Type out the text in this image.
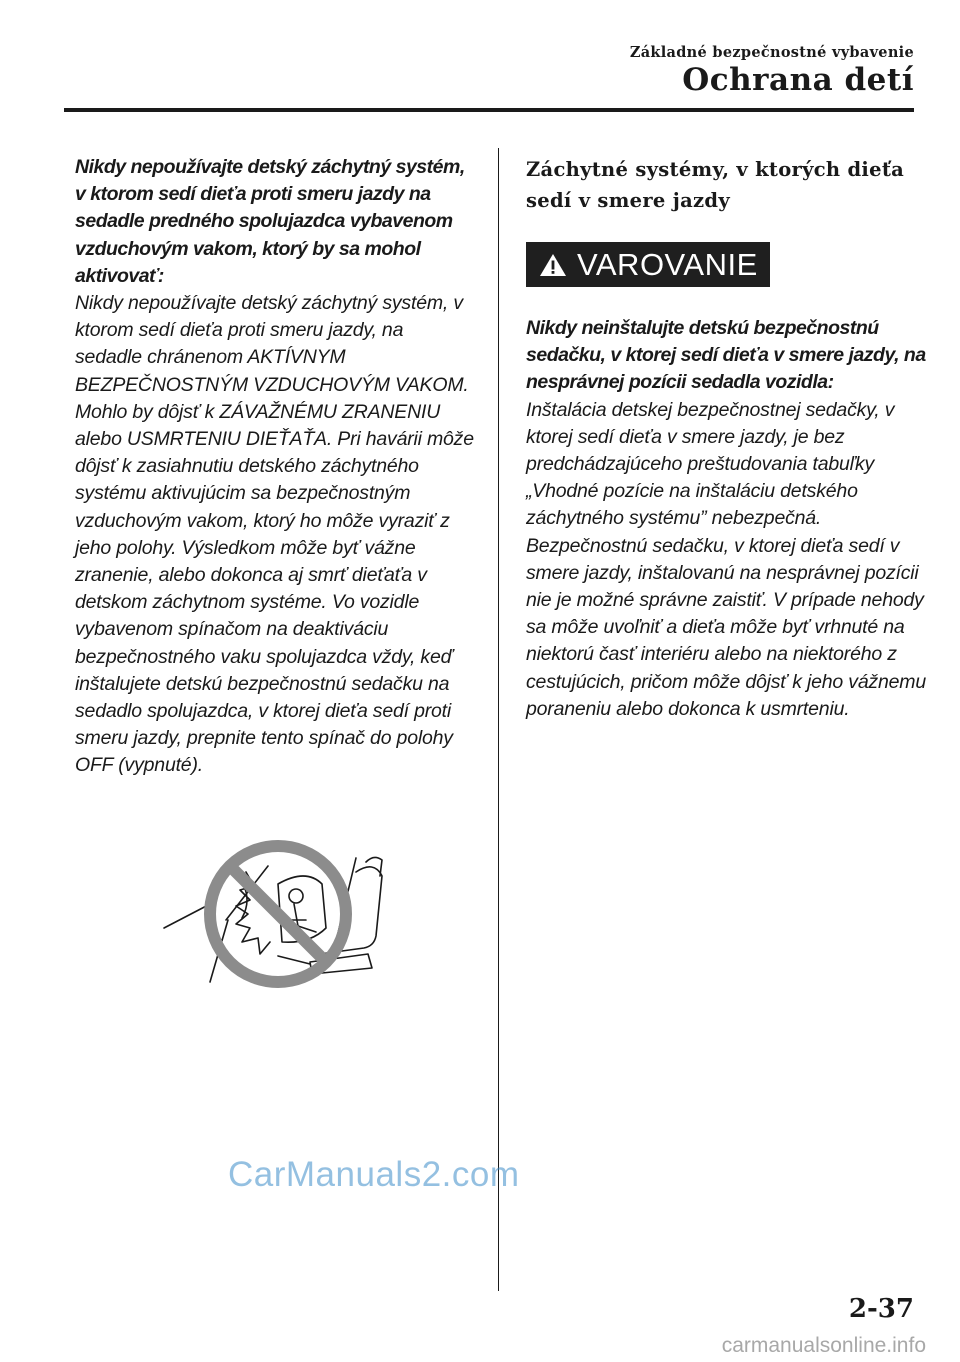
Základné bezpečnostné vybavenie
Ochrana detí
Nikdy nepoužívajte detský záchytný systém, v ktorom sedí dieťa proti smeru jazdy na sedadle predného spolujazdca vybavenom vzduchovým vakom, ktorý by sa mohol aktivovať:
Nikdy nepoužívajte detský záchytný systém, v ktorom sedí dieťa proti smeru jazdy, na sedadle chránenom AKTÍVNYM BEZPEČNOSTNÝM VZDUCHOVÝM VAKOM. Mohlo by dôjsť k ZÁVAŽNÉMU ZRANENIU alebo USMRTENIU DIEŤAŤA. Pri havárii môže dôjsť k zasiahnutiu detského záchytného systému aktivujúcim sa bezpečnostným vzduchovým vakom, ktorý ho môže vyraziť z jeho polohy. Výsledkom môže byť vážne zranenie, alebo dokonca aj smrť dieťaťa v detskom záchytnom systéme. Vo vozidle vybavenom spínačom na deaktiváciu bezpečnostného vaku spolujazdca vždy, keď inštalujete detskú bezpečnostnú sedačku na sedadlo spolujazdca, v ktorej dieťa sedí proti smeru jazdy, prepnite tento spínač do polohy OFF (vypnuté).
Záchytné systémy, v ktorých dieťa sedí v smere jazdy
VAROVANIE
Nikdy neinštalujte detskú bezpečnostnú sedačku, v ktorej sedí dieťa v smere jazdy, na nesprávnej pozícii sedadla vozidla:
Inštalácia detskej bezpečnostnej sedačky, v ktorej sedí dieťa v smere jazdy, je bez predchádzajúceho preštudovania tabuľky „Vhodné pozície na inštaláciu detského záchytného systému” nebezpečná. Bezpečnostnú sedačku, v ktorej dieťa sedí v smere jazdy, inštalovanú na nesprávnej pozícii nie je možné správne zaistiť. V prípade nehody sa môže uvoľniť a dieťa môže byť vrhnuté na niektorú časť interiéru alebo na niektorého z cestujúcich, pričom môže dôjsť k jeho vážnemu poraneniu alebo dokonca k usmrteniu.
CarManuals2.com
2-37
carmanualsonline.info
